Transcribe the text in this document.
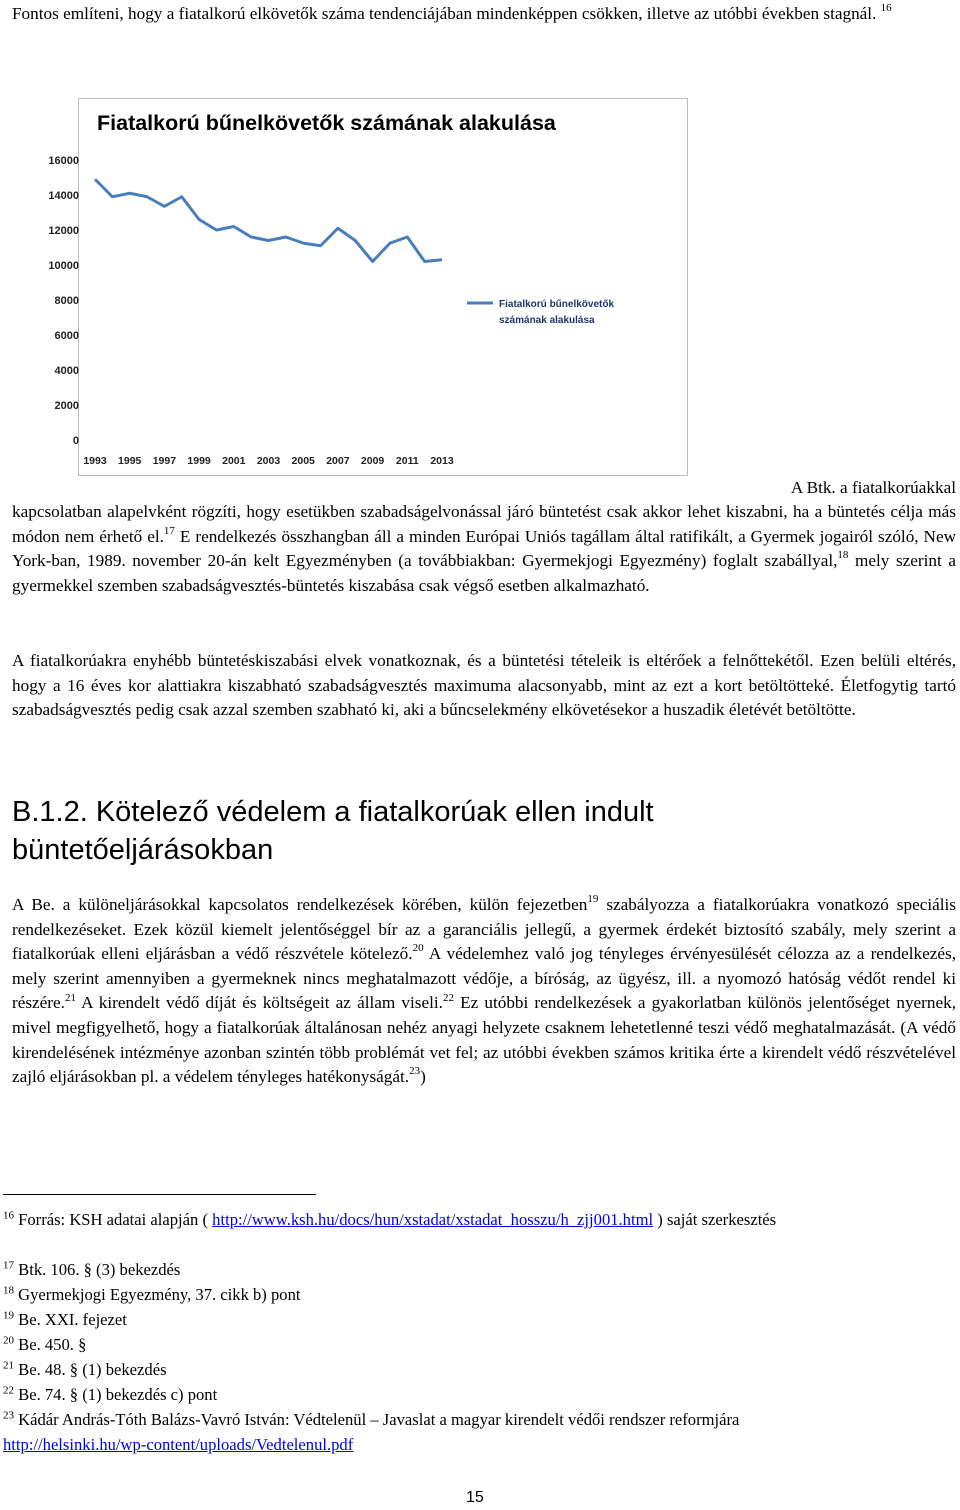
Fontos említeni, hogy a fiatalkorú elkövetők száma tendenciájában mindenképpen csökken, illetve az utóbbi években stagnál. $^{16}$
Fiatalkorú bűnelkövetők számának alakulása
0
2000
4000
6000
8000
10000
12000
14000
16000
1993 1995 1997 1999 2001 2003 2005 2007 2009 2011 2013
Fiatalkorú bűnelkövetők
számának alakulása
A Btk. a fiatalkorúakkal
kapcsolatban alapelvként rögzíti, hogy esetükben szabadságelvonással járó büntetést csak akkor lehet kiszabni, ha a büntetés célja más módon nem érhető el.$^{17}$ E rendelkezés összhangban áll a minden Európai Uniós tagállam által ratifikált, a Gyermek jogairól szóló, New York-ban, 1989. november 20-án kelt Egyezményben (a továbbiakban: Gyermekjogi Egyezmény) foglalt szabállyal,$^{18}$ mely szerint a gyermekkel szemben szabadságvesztés-büntetés kiszabása csak végső esetben alkalmazható.
A fiatalkorúakra enyhébb büntetéskiszabási elvek vonatkoznak, és a büntetési tételeik is eltérőek a felnőttekétől. Ezen belüli eltérés, hogy a 16 éves kor alattiakra kiszabható szabadságvesztés maximuma alacsonyabb, mint az ezt a kort betöltötteké. Életfogytig tartó szabadságvesztés pedig csak azzal szemben szabható ki, aki a bűncselekmény elkövetésekor a huszadik életévét betöltötte.
B.1.2. Kötelező védelem a fiatalkorúak ellen indult
büntetőeljárásokban
A Be. a különeljárásokkal kapcsolatos rendelkezések körében, külön fejezetben$^{19}$ szabályozza a fiatalkorúakra vonatkozó speciális rendelkezéseket. Ezek közül kiemelt jelentőséggel bír az a garanciális jellegű, a gyermek érdekét biztosító szabály, mely szerint a fiatalkorúak elleni eljárásban a védő részvétele kötelező.$^{20}$ A védelemhez való jog tényleges érvényesülését célozza az a rendelkezés, mely szerint amennyiben a gyermeknek nincs meghatalmazott védője, a bíróság, az ügyész, ill. a nyomozó hatóság védőt rendel ki részére.$^{21}$ A kirendelt védő díját és költségeit az állam viseli.$^{22}$ Ez utóbbi rendelkezések a gyakorlatban különös jelentőséget nyernek, mivel megfigyelhető, hogy a fiatalkorúak általánosan nehéz anyagi helyzete csaknem lehetetlenné teszi védő meghatalmazását. (A védő kirendelésének intézménye azonban szintén több problémát vet fel; az utóbbi években számos kritika érte a kirendelt védő részvételével zajló eljárásokban pl. a védelem tényleges hatékonyságát.$^{23}$)
$^{16}$ Forrás: KSH adatai alapján ( http://www.ksh.hu/docs/hun/xstadat/xstadat_hosszu/h_zjj001.html ) saját szerkesztés
$^{17}$ Btk. 106. § (3) bekezdés
$^{18}$ Gyermekjogi Egyezmény, 37. cikk b) pont
$^{19}$ Be. XXI. fejezet
$^{20}$ Be. 450. §
$^{21}$ Be. 48. § (1) bekezdés
$^{22}$ Be. 74. § (1) bekezdés c) pont
$^{23}$ Kádár András-Tóth Balázs-Vavró István: Védtelenül – Javaslat a magyar kirendelt védői rendszer reformjára
http://helsinki.hu/wp-content/uploads/Vedtelenul.pdf
15
